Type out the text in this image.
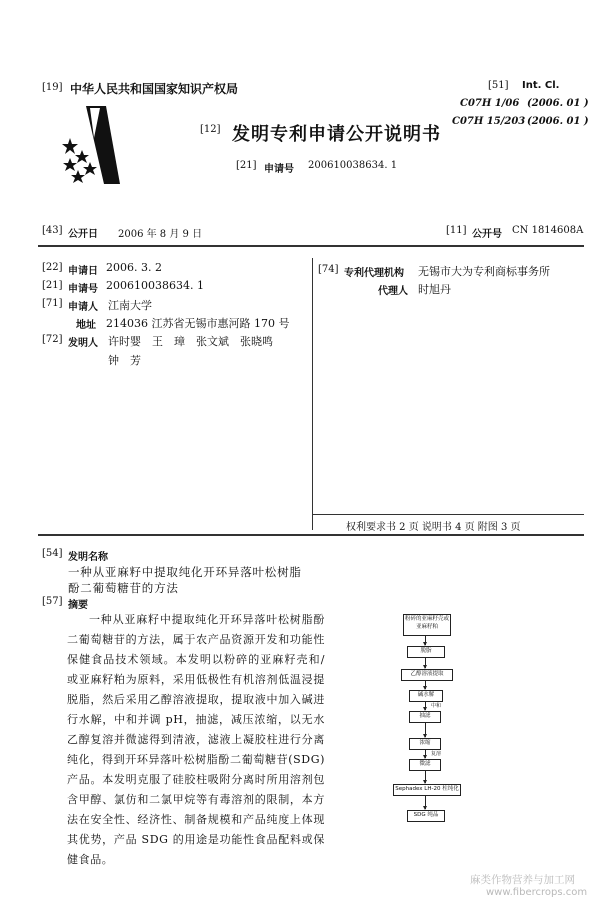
[19] 中华人民共和国国家知识产权局	[51] Int. Cl.
C07H 1/06 (2006. 01 )
C07H 15/203 (2006. 01 )
[12] 发明专利申请公开说明书
[21] 申请号 200610038634. 1
[43] 公开日 2006 年 8 月 9 日	[11] 公开号 CN 1814608A
[22] 申请日 2006. 3. 2
[21] 申请号 200610038634. 1
[71] 申请人 江南大学
地址 214036 江苏省无锡市惠河路 170 号
[72] 发明人 许时婴　王　璋　张文斌　张晓鸣
钟　芳
[74] 专利代理机构 无锡市大为专利商标事务所
代理人 时旭丹
权利要求书 2 页 说明书 4 页 附图 3 页
[54] 发明名称
一种从亚麻籽中提取纯化开环异落叶松树脂
酚二葡萄糖苷的方法
[57] 摘要
一种从亚麻籽中提取纯化开环异落叶松树脂酚二葡萄糖苷的方法，属于农产品资源开发和功能性保健食品技术领域。本发明以粉碎的亚麻籽壳和/或亚麻籽粕为原料，采用低极性有机溶剂低温浸提脱脂，然后采用乙醇溶液提取，提取液中加入碱进行水解，中和并调 pH，抽滤，减压浓缩，以无水乙醇复溶并微滤得到清液，滤液上凝胶柱进行分离纯化，得到开环异落叶松树脂酚二葡萄糖苷(SDG)产品。本发明克服了硅胶柱吸附分离时所用溶剂包含甲醇、氯仿和二氯甲烷等有毒溶剂的限制，本方法在安全性、经济性、制备规模和产品纯度上体现其优势，产品 SDG 的用途是功能性食品配料或保健食品。
粉碎的亚麻籽壳或
亚麻籽粕
脱脂
乙醇溶液提取
碱水解
中和
抽滤
浓缩
复溶
微滤
Sephadex LH-20 柱纯化
SDG 纯品
麻类作物营养与加工网
www.fibercrops.com
